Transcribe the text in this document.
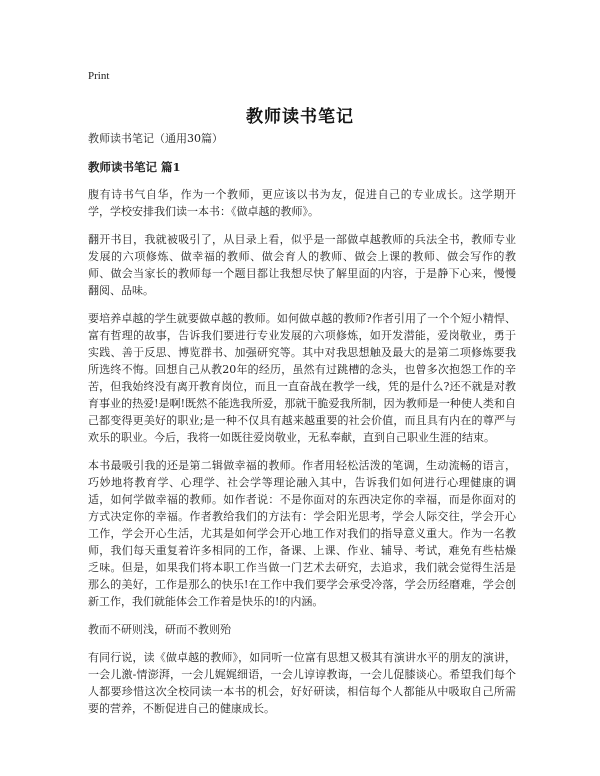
Print
教师读书笔记

教师读书笔记（通用30篇）

教师读书笔记 篇1

腹有诗书气自华，作为一个教师，更应该以书为友，促进自己的专业成长。这学期开学，学校安排我们读一本书：《做卓越的教师》。

翻开书目，我就被吸引了，从目录上看，似乎是一部做卓越教师的兵法全书，教师专业发展的六项修炼、做幸福的教师、做会育人的教师、做会上课的教师、做会写作的教师、做会当家长的教师每一个题目都让我想尽快了解里面的内容，于是静下心来，慢慢翻阅、品味。

要培养卓越的学生就要做卓越的教师。如何做卓越的教师?作者引用了一个个短小精悍、富有哲理的故事，告诉我们要进行专业发展的六项修炼，如开发潜能，爱岗敬业，勇于实践、善于反思、博览群书、加强研究等。其中对我思想触及最大的是第二项修炼要我所选终不悔。回想自己从教20年的经历，虽然有过跳槽的念头，也曾多次抱怨工作的辛苦，但我始终没有离开教育岗位，而且一直奋战在教学一线，凭的是什么?还不就是对教育事业的热爱!是啊!既然不能选我所爱，那就干脆爱我所制，因为教师是一种使人类和自己都变得更美好的职业;是一种不仅具有越来越重要的社会价值，而且具有内在的尊严与欢乐的职业。今后，我将一如既往爱岗敬业，无私奉献，直到自己职业生涯的结束。

本书最吸引我的还是第二辑做幸福的教师。作者用轻松活泼的笔调，生动流畅的语言，巧妙地将教育学、心理学、社会学等理论融入其中，告诉我们如何进行心理健康的调适，如何学做幸福的教师。如作者说：不是你面对的东西决定你的幸福，而是你面对的方式决定你的幸福。作者教给我们的方法有：学会阳光思考，学会人际交往，学会开心工作，学会开心生活，尤其是如何学会开心地工作对我们的指导意义重大。作为一名教师，我们每天重复着许多相同的工作，备课、上课、作业、辅导、考试，难免有些枯燥乏味。但是，如果我们将本职工作当做一门艺术去研究，去追求，我们就会觉得生活是那么的美好，工作是那么的快乐!在工作中我们要学会承受冷落，学会历经磨难，学会创新工作，我们就能体会工作着是快乐的!的内涵。

教而不研则浅，研而不教则殆

有同行说，读《做卓越的教师》，如同听一位富有思想又极其有演讲水平的朋友的演讲，一会儿激-情澎湃，一会儿娓娓细语，一会儿谆谆教诲，一会儿促膝谈心。希望我们每个人都要珍惜这次全校同读一本书的机会，好好研读，相信每个人都能从中吸取自己所需要的营养，不断促进自己的健康成长。
